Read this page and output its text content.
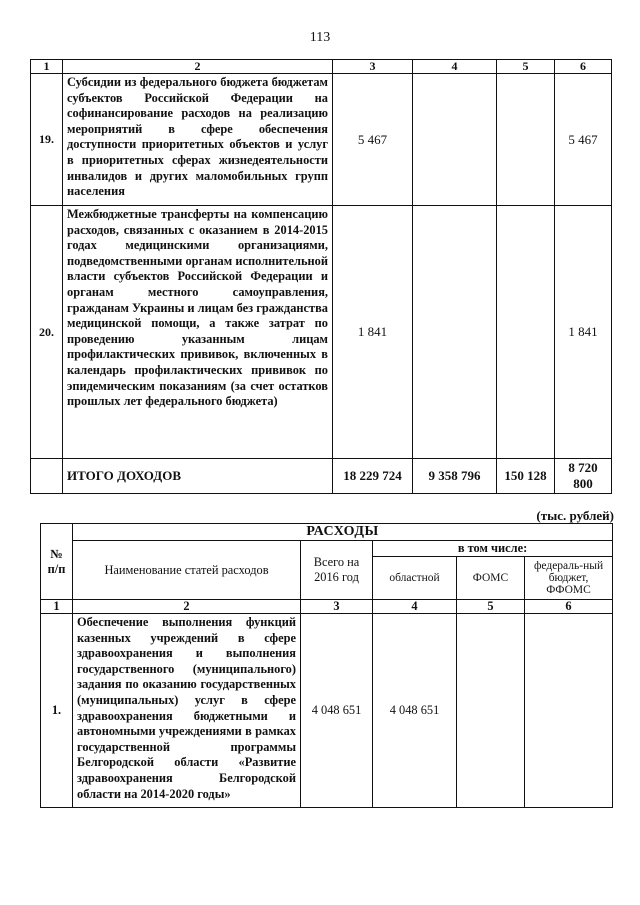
113
1	2	3	4	5	6
19.	Субсидии из федерального бюджета бюджетам субъектов Российской Федерации на софинансирование расходов на реализацию мероприятий в сфере обеспечения доступности приоритетных объектов и услуг в приоритетных сферах жизнедеятельности инвалидов и других маломобильных групп населения	5 467			5 467
20.	Межбюджетные трансферты на компенсацию расходов, связанных с оказанием в 2014-2015 годах медицинскими организациями, подведомственными органам исполнительной власти субъектов Российской Федерации и органам местного самоуправления, гражданам Украины и лицам без гражданства медицинской помощи, а также затрат по проведению указанным лицам профилактических прививок, включенных в календарь профилактических прививок по эпидемическим показаниям (за счет остатков прошлых лет федерального бюджета)	1 841			1 841
	ИТОГО ДОХОДОВ	18 229 724	9 358 796	150 128	8 720 800
(тыс. рублей)
№ п/п	РАСХОДЫ				
	Наименование статей расходов	Всего на 2016 год	в том числе:		
			областной	ФОМС	федераль-ный бюджет, ФФОМС
1	2	3	4	5	6
1.	Обеспечение выполнения функций казенных учреждений в сфере здравоохранения и выполнения государственного (муниципального) задания по оказанию государственных (муниципальных) услуг в сфере здравоохранения бюджетными и автономными учреждениями в рамках государственной программы Белгородской области «Развитие здравоохранения Белгородской области на 2014-2020 годы»	4 048 651	4 048 651		
